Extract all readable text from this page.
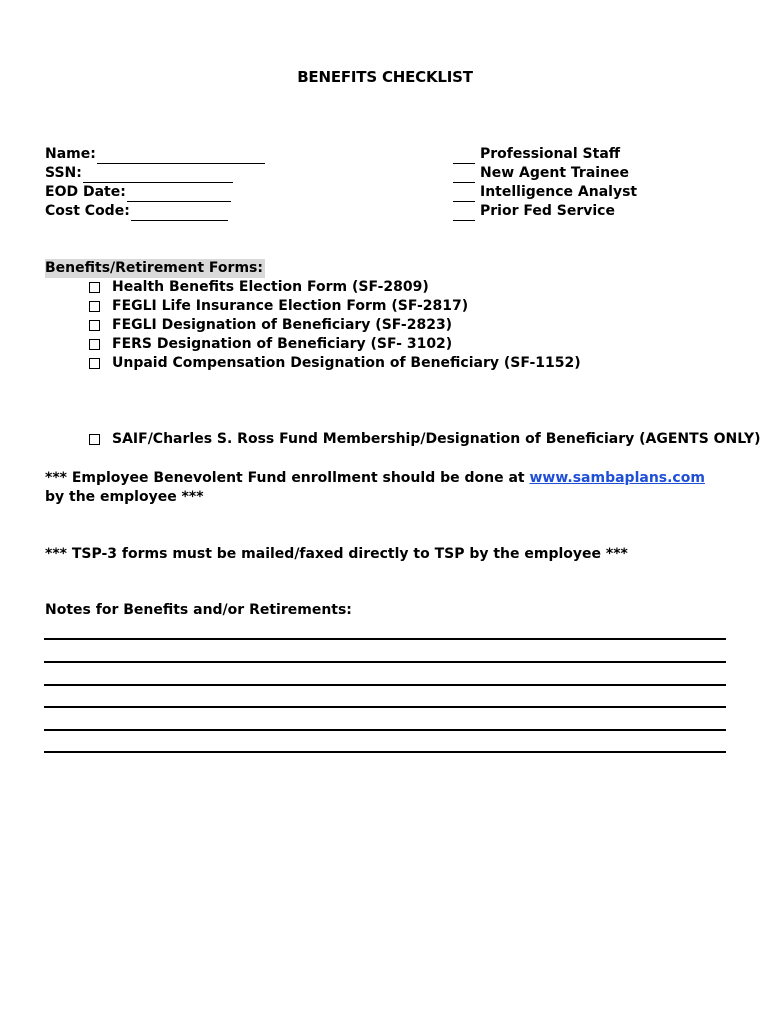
BENEFITS CHECKLIST
Name:
SSN:
EOD Date:
Cost Code:
Professional Staff
New Agent Trainee
Intelligence Analyst
Prior Fed Service
Benefits/Retirement Forms:
Health Benefits Election Form (SF-2809)
FEGLI Life Insurance Election Form (SF-2817)
FEGLI Designation of Beneficiary (SF-2823)
FERS Designation of Beneficiary (SF- 3102)
Unpaid Compensation Designation of Beneficiary (SF-1152)
SAIF/Charles S. Ross Fund Membership/Designation of Beneficiary (AGENTS ONLY)
*** Employee Benevolent Fund enrollment should be done at www.sambaplans.com by the employee ***
*** TSP-3 forms must be mailed/faxed directly to TSP by the employee ***
Notes for Benefits and/or Retirements:
